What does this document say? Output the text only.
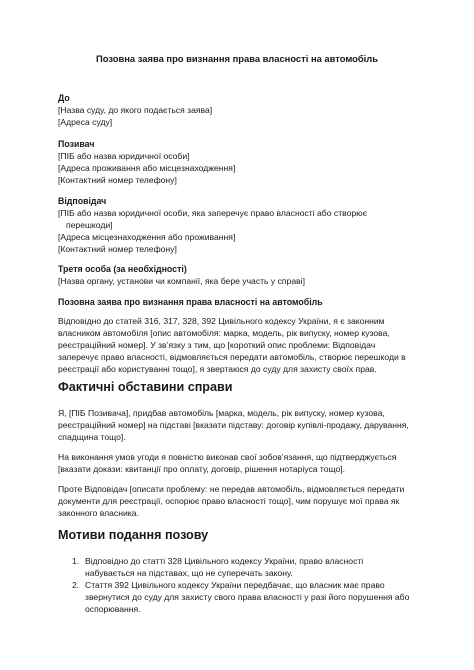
Позовна заява про визнання права власності на автомобіль
До
[Назва суду, до якого подається заява]
[Адреса суду]
Позивач
[ПІБ або назва юридичної особи]
[Адреса проживання або місцезнаходження]
[Контактний номер телефону]
Відповідач
[ПІБ або назва юридичної особи, яка заперечує право власності або створює
перешкоди]
[Адреса місцезнаходження або проживання]
[Контактний номер телефону]
Третя особа (за необхідності)
[Назва органу, установи чи компанії, яка бере участь у справі]
Позовна заява про визнання права власності на автомобіль
Відповідно до статей 316, 317, 328, 392 Цивільного кодексу України, я є законним
власником автомобіля [опис автомобіля: марка, модель, рік випуску, номер кузова,
реєстраційний номер]. У зв’язку з тим, що [короткий опис проблеми: Відповідач
заперечує право власності, відмовляється передати автомобіль, створює перешкоди в
реєстрації або користуванні тощо], я звертаюся до суду для захисту своїх прав.
Фактичні обставини справи
Я, [ПІБ Позивача], придбав автомобіль [марка, модель, рік випуску, номер кузова,
реєстраційний номер] на підставі [вказати підставу: договір купівлі-продажу, дарування,
спадщина тощо].
На виконання умов угоди я повністю виконав свої зобов’язання, що підтверджується
[вказати докази: квитанції про оплату, договір, рішення нотаріуса тощо].
Проте Відповідач [описати проблему: не передав автомобіль, відмовляється передати
документи для реєстрації, оспорює право власності тощо], чим порушує мої права як
законного власника.
Мотиви подання позову
1. Відповідно до статті 328 Цивільного кодексу України, право власності
набувається на підставах, що не суперечать закону.
2. Стаття 392 Цивільного кодексу України передбачає, що власник має право
звернутися до суду для захисту свого права власності у разі його порушення або
оспорювання.
